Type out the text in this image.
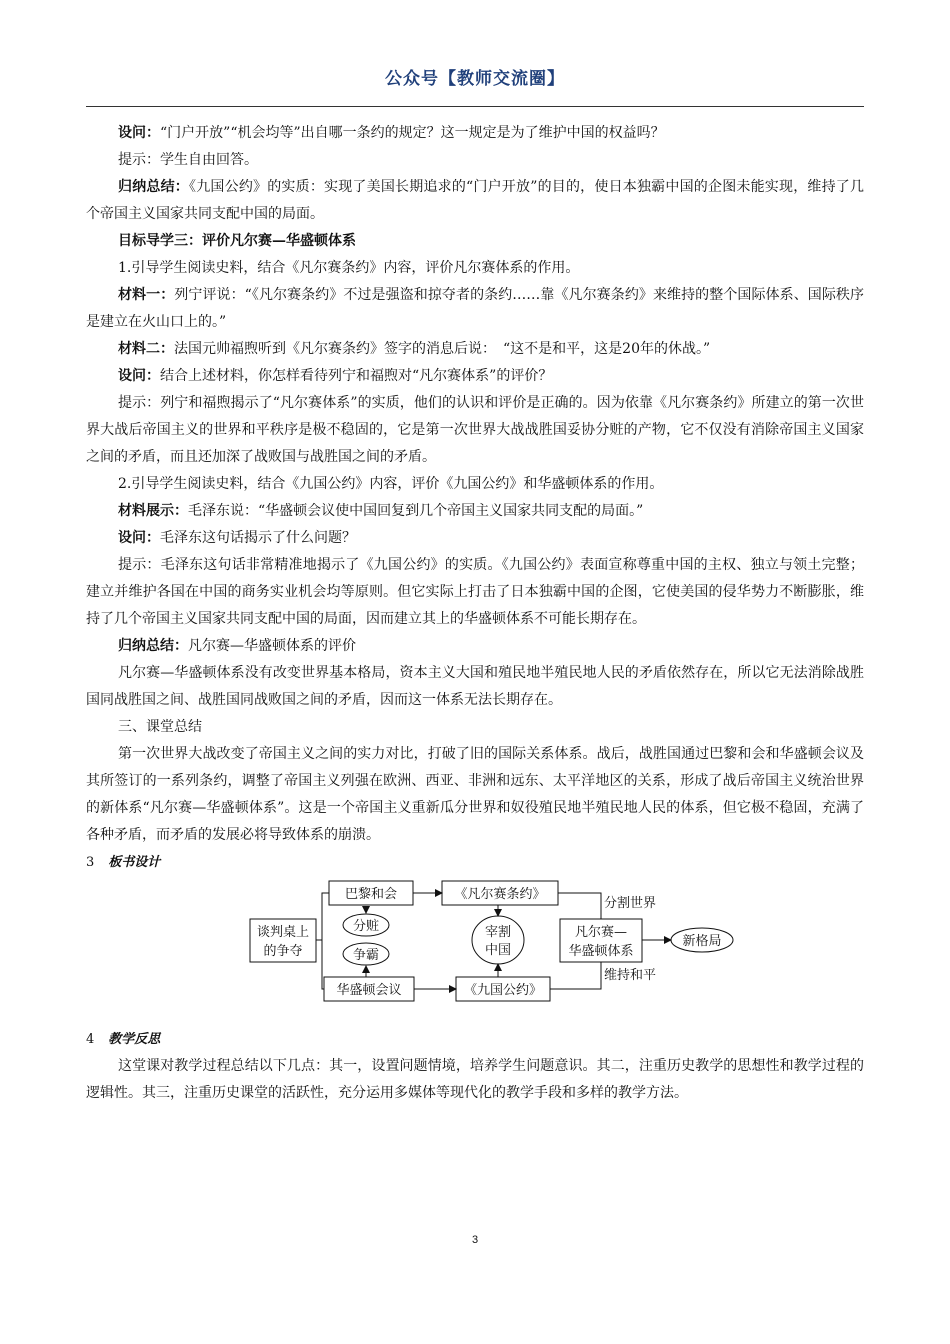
公众号【教师交流圈】

设问：“门户开放”“机会均等”出自哪一条约的规定？这一规定是为了维护中国的权益吗？

提示：学生自由回答。

归纳总结：《九国公约》的实质：实现了美国长期追求的“门户开放”的目的，使日本独霸中国的企图未能实现，维持了几个帝国主义国家共同支配中国的局面。

目标导学三：评价凡尔赛—华盛顿体系

1.引导学生阅读史料，结合《凡尔赛条约》内容，评价凡尔赛体系的作用。

材料一：列宁评说：“《凡尔赛条约》不过是强盗和掠夺者的条约……靠《凡尔赛条约》来维持的整个国际体系、国际秩序是建立在火山口上的。”

材料二：法国元帅福煦听到《凡尔赛条约》签字的消息后说：　“这不是和平，这是20年的休战。”

设问：结合上述材料，你怎样看待列宁和福煦对“凡尔赛体系”的评价？

提示：列宁和福煦揭示了“凡尔赛体系”的实质，他们的认识和评价是正确的。因为依靠《凡尔赛条约》所建立的第一次世界大战后帝国主义的世界和平秩序是极不稳固的，它是第一次世界大战战胜国妥协分赃的产物，它不仅没有消除帝国主义国家之间的矛盾，而且还加深了战败国与战胜国之间的矛盾。

2.引导学生阅读史料，结合《九国公约》内容，评价《九国公约》和华盛顿体系的作用。

材料展示：毛泽东说：“华盛顿会议使中国回复到几个帝国主义国家共同支配的局面。”

设问：毛泽东这句话揭示了什么问题？

提示：毛泽东这句话非常精准地揭示了《九国公约》的实质。《九国公约》表面宣称尊重中国的主权、独立与领土完整；建立并维护各国在中国的商务实业机会均等原则。但它实际上打击了日本独霸中国的企图，它使美国的侵华势力不断膨胀，维持了几个帝国主义国家共同支配中国的局面，因而建立其上的华盛顿体系不可能长期存在。

归纳总结：凡尔赛—华盛顿体系的评价

凡尔赛—华盛顿体系没有改变世界基本格局，资本主义大国和殖民地半殖民地人民的矛盾依然存在，所以它无法消除战胜国同战胜国之间、战胜国同战败国之间的矛盾，因而这一体系无法长期存在。

三、课堂总结

第一次世界大战改变了帝国主义之间的实力对比，打破了旧的国际关系体系。战后，战胜国通过巴黎和会和华盛顿会议及其所签订的一系列条约，调整了帝国主义列强在欧洲、西亚、非洲和远东、太平洋地区的关系，形成了战后帝国主义统治世界的新体系“凡尔赛—华盛顿体系”。这是一个帝国主义重新瓜分世界和奴役殖民地半殖民地人民的体系，但它极不稳固，充满了各种矛盾，而矛盾的发展必将导致体系的崩溃。

3 板书设计

谈判桌上
的争夺
巴黎和会
华盛顿会议
分赃
争霸
《凡尔赛条约》
《九国公约》
宰割
中国
凡尔赛—
华盛顿体系
分割世界
维持和平
新格局

4 教学反思

这堂课对教学过程总结以下几点：其一，设置问题情境，培养学生问题意识。其二，注重历史教学的思想性和教学过程的逻辑性。其三，注重历史课堂的活跃性，充分运用多媒体等现代化的教学手段和多样的教学方法。

3
